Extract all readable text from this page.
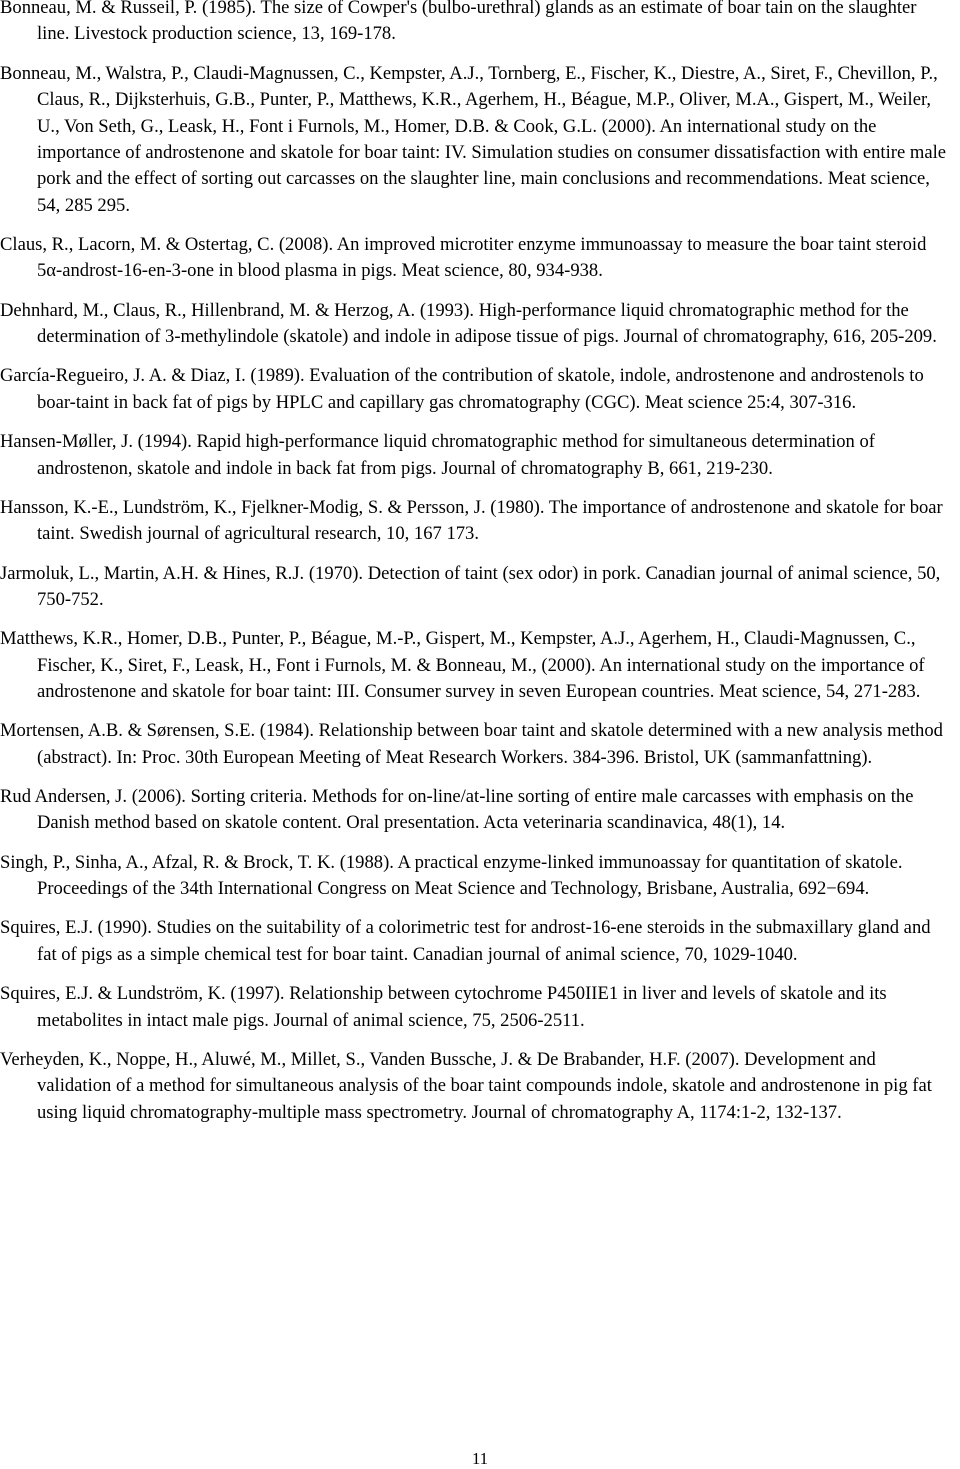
Bonneau, M. & Russeil, P. (1985). The size of Cowper's (bulbo-urethral) glands as an estimate of boar tain on the slaughter line. Livestock production science, 13, 169-178.

Bonneau, M., Walstra, P., Claudi-Magnussen, C., Kempster, A.J., Tornberg, E., Fischer, K., Diestre, A., Siret, F., Chevillon, P., Claus, R., Dijksterhuis, G.B., Punter, P., Matthews, K.R., Agerhem, H., Béague, M.P., Oliver, M.A., Gispert, M., Weiler, U., Von Seth, G., Leask, H., Font i Furnols, M., Homer, D.B. & Cook, G.L. (2000). An international study on the importance of androstenone and skatole for boar taint: IV. Simulation studies on consumer dissatisfaction with entire male pork and the effect of sorting out carcasses on the slaughter line, main conclusions and recommendations. Meat science, 54, 285 295.

Claus, R., Lacorn, M. & Ostertag, C. (2008). An improved microtiter enzyme immunoassay to measure the boar taint steroid 5α-androst-16-en-3-one in blood plasma in pigs. Meat science, 80, 934-938.

Dehnhard, M., Claus, R., Hillenbrand, M. & Herzog, A. (1993). High-performance liquid chromatographic method for the determination of 3-methylindole (skatole) and indole in adipose tissue of pigs. Journal of chromatography, 616, 205-209.

García-Regueiro, J. A. & Diaz, I. (1989). Evaluation of the contribution of skatole, indole, androstenone and androstenols to boar-taint in back fat of pigs by HPLC and capillary gas chromatography (CGC). Meat science 25:4, 307-316.

Hansen-Møller, J. (1994). Rapid high-performance liquid chromatographic method for simultaneous determination of androstenon, skatole and indole in back fat from pigs. Journal of chromatography B, 661, 219-230.

Hansson, K.-E., Lundström, K., Fjelkner-Modig, S. & Persson, J. (1980). The importance of androstenone and skatole for boar taint. Swedish journal of agricultural research, 10, 167 173.

Jarmoluk, L., Martin, A.H. & Hines, R.J. (1970). Detection of taint (sex odor) in pork. Canadian journal of animal science, 50, 750-752.

Matthews, K.R., Homer, D.B., Punter, P., Béague, M.-P., Gispert, M., Kempster, A.J., Agerhem, H., Claudi-Magnussen, C., Fischer, K., Siret, F., Leask, H., Font i Furnols, M. & Bonneau, M., (2000). An international study on the importance of androstenone and skatole for boar taint: III. Consumer survey in seven European countries. Meat science, 54, 271-283.

Mortensen, A.B. & Sørensen, S.E. (1984). Relationship between boar taint and skatole determined with a new analysis method (abstract). In: Proc. 30th European Meeting of Meat Research Workers. 384-396. Bristol, UK (sammanfattning).

Rud Andersen, J. (2006). Sorting criteria. Methods for on-line/at-line sorting of entire male carcasses with emphasis on the Danish method based on skatole content. Oral presentation. Acta veterinaria scandinavica, 48(1), 14.

Singh, P., Sinha, A., Afzal, R. & Brock, T. K. (1988). A practical enzyme-linked immunoassay for quantitation of skatole. Proceedings of the 34th International Congress on Meat Science and Technology, Brisbane, Australia, 692−694.

Squires, E.J. (1990). Studies on the suitability of a colorimetric test for androst-16-ene steroids in the submaxillary gland and fat of pigs as a simple chemical test for boar taint. Canadian journal of animal science, 70, 1029-1040.

Squires, E.J. & Lundström, K. (1997). Relationship between cytochrome P450IIE1 in liver and levels of skatole and its metabolites in intact male pigs. Journal of animal science, 75, 2506-2511.

Verheyden, K., Noppe, H., Aluwé, M., Millet, S., Vanden Bussche, J. & De Brabander, H.F. (2007). Development and validation of a method for simultaneous analysis of the boar taint compounds indole, skatole and androstenone in pig fat using liquid chromatography-multiple mass spectrometry. Journal of chromatography A, 1174:1-2, 132-137.

11
